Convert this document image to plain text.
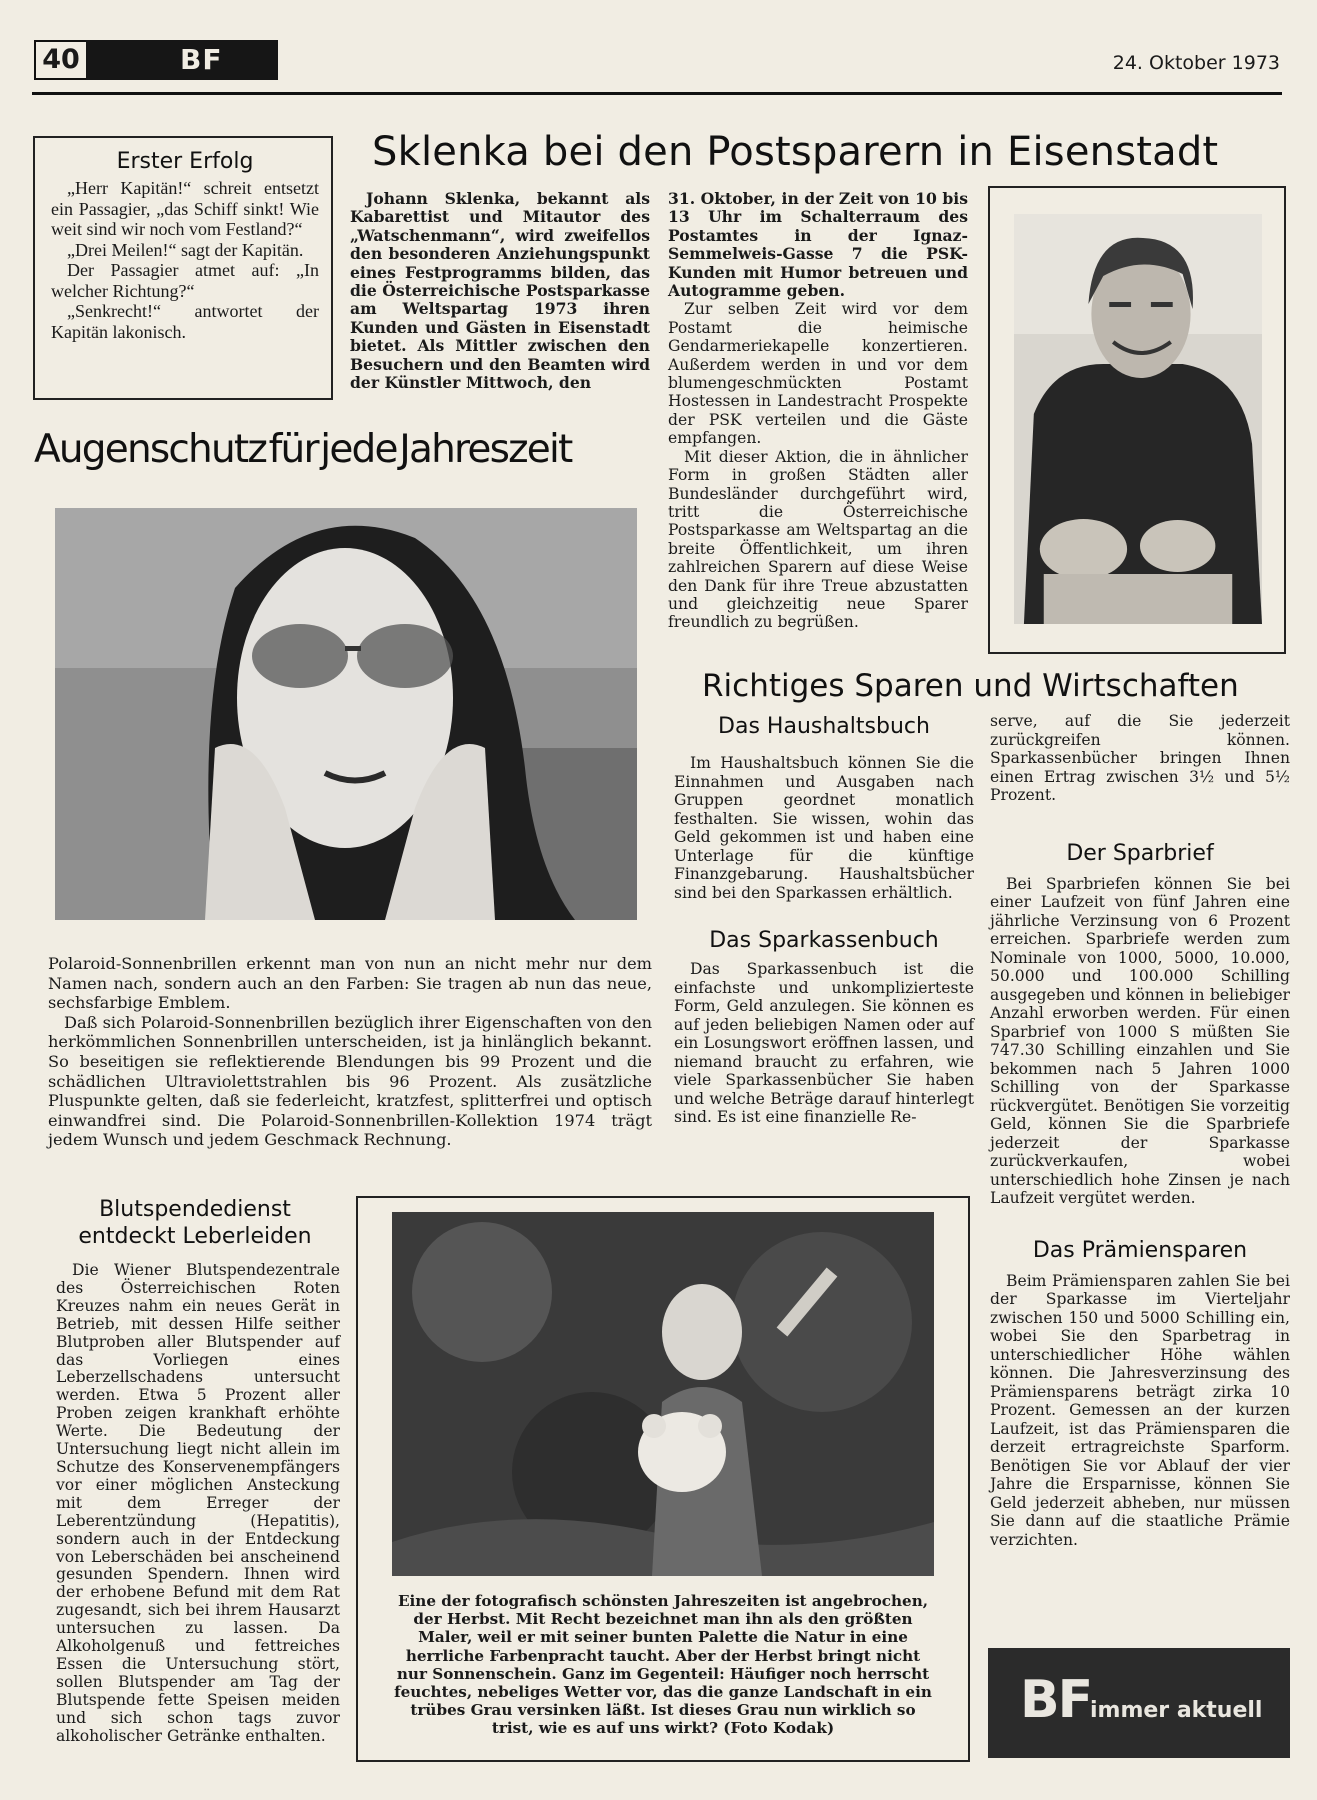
40	BF	24. Oktober 1973
Erster Erfolg

„Herr Kapitän!“ schreit entsetzt ein Passagier, „das Schiff sinkt! Wie weit sind wir noch vom Festland?“

„Drei Meilen!“ sagt der Kapitän.

Der Passagier atmet auf: „In welcher Richtung?“

„Senkrecht!“ antwortet der Kapitän lakonisch.

Sklenka bei den Postsparern in Eisenstadt

Johann Sklenka, bekannt als Kabarettist und Mitautor des „Watschenmann“, wird zweifellos den besonderen Anziehungspunkt eines Festprogramms bilden, das die Österreichische Postsparkasse am Weltspartag 1973 ihren Kunden und Gästen in Eisenstadt bietet. Als Mittler zwischen den Besuchern und den Beamten wird der Künstler Mittwoch, den

31. Oktober, in der Zeit von 10 bis 13 Uhr im Schalterraum des Postamtes in der Ignaz-Semmelweis-Gasse 7 die PSK-Kunden mit Humor betreuen und Autogramme geben.

Zur selben Zeit wird vor dem Postamt die heimische Gendarmeriekapelle konzertieren. Außerdem werden in und vor dem blumengeschmückten Postamt Hostessen in Landestracht Prospekte der PSK verteilen und die Gäste empfangen.

Mit dieser Aktion, die in ähnlicher Form in großen Städten aller Bundesländer durchgeführt wird, tritt die Österreichische Postsparkasse am Weltspartag an die breite Öffentlichkeit, um ihren zahlreichen Sparern auf diese Weise den Dank für ihre Treue abzustatten und gleichzeitig neue Sparer freundlich zu begrüßen.

Augenschutz für jede Jahreszeit

Polaroid-Sonnenbrillen erkennt man von nun an nicht mehr nur dem Namen nach, sondern auch an den Farben: Sie tragen ab nun das neue, sechsfarbige Emblem.

Daß sich Polaroid-Sonnenbrillen bezüglich ihrer Eigenschaften von den herkömmlichen Sonnenbrillen unterscheiden, ist ja hinlänglich bekannt. So beseitigen sie reflektierende Blendungen bis 99 Prozent und die schädlichen Ultraviolettstrahlen bis 96 Prozent. Als zusätzliche Pluspunkte gelten, daß sie federleicht, kratzfest, splitterfrei und optisch einwandfrei sind. Die Polaroid-Sonnenbrillen-Kollektion 1974 trägt jedem Wunsch und jedem Geschmack Rechnung.

Richtiges Sparen und Wirtschaften
Das Haushaltsbuch

Im Haushaltsbuch können Sie die Einnahmen und Ausgaben nach Gruppen geordnet monatlich festhalten. Sie wissen, wohin das Geld gekommen ist und haben eine Unterlage für die künftige Finanzgebarung. Haushaltsbücher sind bei den Sparkassen erhältlich.

Das Sparkassenbuch

Das Sparkassenbuch ist die einfachste und unkomplizierteste Form, Geld anzulegen. Sie können es auf jeden beliebigen Namen oder auf ein Losungswort eröffnen lassen, und niemand braucht zu erfahren, wie viele Sparkassenbücher Sie haben und welche Beträge darauf hinterlegt sind. Es ist eine finanzielle Re-

serve, auf die Sie jederzeit zurückgreifen können. Sparkassenbücher bringen Ihnen einen Ertrag zwischen 3½ und 5½ Prozent.

Der Sparbrief

Bei Sparbriefen können Sie bei einer Laufzeit von fünf Jahren eine jährliche Verzinsung von 6 Prozent erreichen. Sparbriefe werden zum Nominale von 1000, 5000, 10.000, 50.000 und 100.000 Schilling ausgegeben und können in beliebiger Anzahl erworben werden. Für einen Sparbrief von 1000 S müßten Sie 747.30 Schilling einzahlen und Sie bekommen nach 5 Jahren 1000 Schilling von der Sparkasse rückvergütet. Benötigen Sie vorzeitig Geld, können Sie die Sparbriefe jederzeit der Sparkasse zurückverkaufen, wobei unterschiedlich hohe Zinsen je nach Laufzeit vergütet werden.

Das Prämiensparen

Beim Prämiensparen zahlen Sie bei der Sparkasse im Vierteljahr zwischen 150 und 5000 Schilling ein, wobei Sie den Sparbetrag in unterschiedlicher Höhe wählen können. Die Jahresverzinsung des Prämiensparens beträgt zirka 10 Prozent. Gemessen an der kurzen Laufzeit, ist das Prämiensparen die derzeit ertragreichste Sparform. Benötigen Sie vor Ablauf der vier Jahre die Ersparnisse, können Sie Geld jederzeit abheben, nur müssen Sie dann auf die staatliche Prämie verzichten.

Blutspendedienst
entdeckt Leberleiden
Die Wiener Blutspendezentrale des Österreichischen Roten Kreuzes nahm ein neues Gerät in Betrieb, mit dessen Hilfe seither Blutproben aller Blutspender auf das Vorliegen eines Leberzellschadens untersucht werden. Etwa 5 Prozent aller Proben zeigen krankhaft erhöhte Werte. Die Bedeutung der Untersuchung liegt nicht allein im Schutze des Konservenempfängers vor einer möglichen Ansteckung mit dem Erreger der Leberentzündung (Hepatitis), sondern auch in der Entdeckung von Leberschäden bei anscheinend gesunden Spendern. Ihnen wird der erhobene Befund mit dem Rat zugesandt, sich bei ihrem Hausarzt untersuchen zu lassen. Da Alkoholgenuß und fettreiches Essen die Untersuchung stört, sollen Blutspender am Tag der Blutspende fette Speisen meiden und sich schon tags zuvor alkoholischer Getränke enthalten.

Eine der fotografisch schönsten Jahreszeiten ist angebrochen, der Herbst. Mit Recht bezeichnet man ihn als den größten Maler, weil er mit seiner bunten Palette die Natur in eine herrliche Farbenpracht taucht. Aber der Herbst bringt nicht nur Sonnenschein. Ganz im Gegenteil: Häufiger noch herrscht feuchtes, nebeliges Wetter vor, das die ganze Landschaft in ein trübes Grau versinken läßt. Ist dieses Grau nun wirklich so trist, wie es auf uns wirkt? (Foto Kodak)	BF
immer aktuell
